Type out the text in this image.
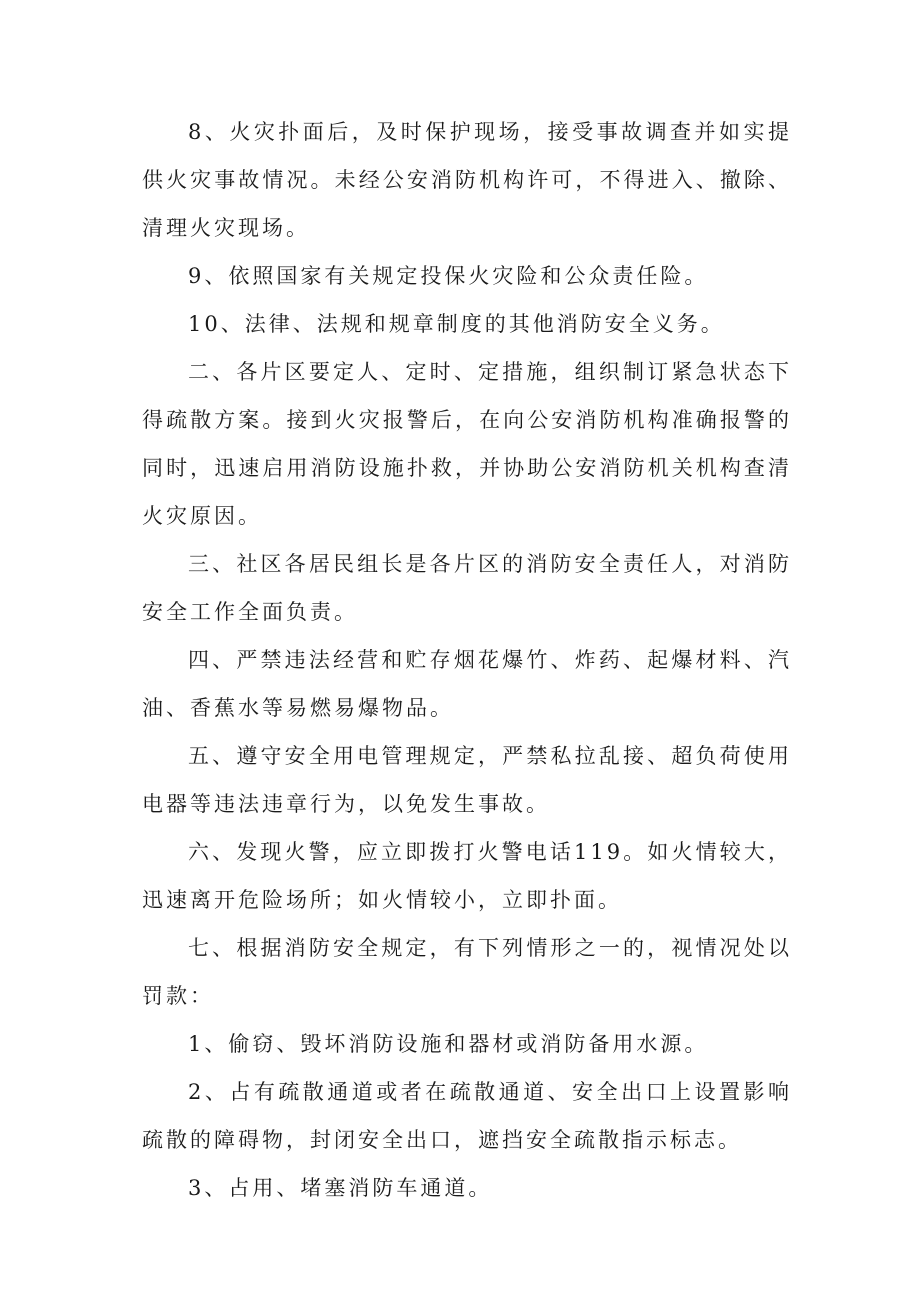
8、火灾扑面后，及时保护现场，接受事故调查并如实提供火灾事故情况。未经公安消防机构许可，不得进入、撤除、清理火灾现场。

9、依照国家有关规定投保火灾险和公众责任险。

10、法律、法规和规章制度的其他消防安全义务。

二、各片区要定人、定时、定措施，组织制订紧急状态下得疏散方案。接到火灾报警后，在向公安消防机构准确报警的同时，迅速启用消防设施扑救，并协助公安消防机关机构查清火灾原因。

三、社区各居民组长是各片区的消防安全责任人，对消防安全工作全面负责。

四、严禁违法经营和贮存烟花爆竹、炸药、起爆材料、汽油、香蕉水等易燃易爆物品。

五、遵守安全用电管理规定，严禁私拉乱接、超负荷使用电器等违法违章行为，以免发生事故。

六、发现火警，应立即拨打火警电话119。如火情较大，迅速离开危险场所；如火情较小，立即扑面。

七、根据消防安全规定，有下列情形之一的，视情况处以罚款：

1、偷窃、毁坏消防设施和器材或消防备用水源。

2、占有疏散通道或者在疏散通道、安全出口上设置影响疏散的障碍物，封闭安全出口，遮挡安全疏散指示标志。

3、占用、堵塞消防车通道。
